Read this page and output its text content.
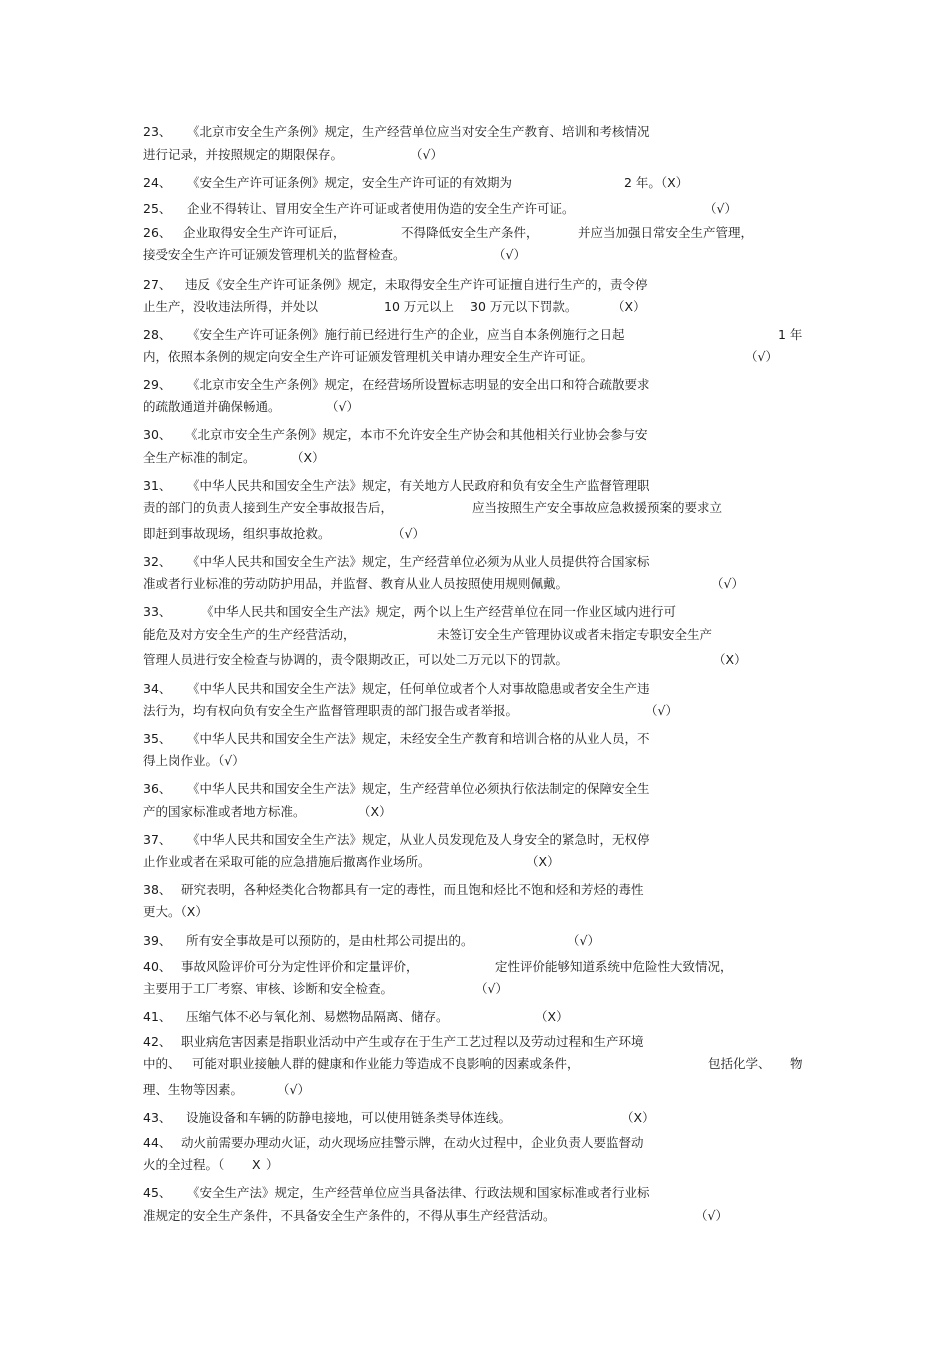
23、 《北京市安全生产条例》规定，生产经营单位应当对安全生产教育、培训和考核情况
进行记录，并按照规定的期限保存。	（√）
24、 《安全生产许可证条例》规定，安全生产许可证的有效期为	2 年。（X）
25、 企业不得转让、冒用安全生产许可证或者使用伪造的安全生产许可证。	（√）
26、 企业取得安全生产许可证后，	不得降低安全生产条件，	并应当加强日常安全生产管理，
接受安全生产许可证颁发管理机关的监督检查。	（√）
27、 违反《安全生产许可证条例》规定，未取得安全生产许可证擅自进行生产的，责令停
止生产，没收违法所得，并处以	10 万元以上 30 万元以下罚款。	（X）
28、 《安全生产许可证条例》施行前已经进行生产的企业，应当自本条例施行之日起	1 年
内，依照本条例的规定向安全生产许可证颁发管理机关申请办理安全生产许可证。	（√）
29、 《北京市安全生产条例》规定，在经营场所设置标志明显的安全出口和符合疏散要求
的疏散通道并确保畅通。	（√）
30、 《北京市安全生产条例》规定，本市不允许安全生产协会和其他相关行业协会参与安
全生产标准的制定。	（X）
31、 《中华人民共和国安全生产法》规定，有关地方人民政府和负有安全生产监督管理职
责的部门的负责人接到生产安全事故报告后，	应当按照生产安全事故应急救援预案的要求立
即赶到事故现场，组织事故抢救。	（√）
32、 《中华人民共和国安全生产法》规定，生产经营单位必须为从业人员提供符合国家标
准或者行业标准的劳动防护用品，并监督、教育从业人员按照使用规则佩戴。	（√）
33、 《中华人民共和国安全生产法》规定，两个以上生产经营单位在同一作业区域内进行可
能危及对方安全生产的生产经营活动，	未签订安全生产管理协议或者未指定专职安全生产
管理人员进行安全检查与协调的，责令限期改正，可以处二万元以下的罚款。	（X）
34、 《中华人民共和国安全生产法》规定，任何单位或者个人对事故隐患或者安全生产违
法行为，均有权向负有安全生产监督管理职责的部门报告或者举报。	（√）
35、 《中华人民共和国安全生产法》规定，未经安全生产教育和培训合格的从业人员，不
得上岗作业。（√）
36、 《中华人民共和国安全生产法》规定，生产经营单位必须执行依法制定的保障安全生
产的国家标准或者地方标准。	（X）
37、 《中华人民共和国安全生产法》规定，从业人员发现危及人身安全的紧急时，无权停
止作业或者在采取可能的应急措施后撤离作业场所。	（X）
38、 研究表明，各种烃类化合物都具有一定的毒性，而且饱和烃比不饱和烃和芳烃的毒性
更大。（X）
39、 所有安全事故是可以预防的，是由杜邦公司提出的。	（√）
40、 事故风险评价可分为定性评价和定量评价，	定性评价能够知道系统中危险性大致情况，
主要用于工厂考察、审核、诊断和安全检查。	（√）
41、 压缩气体不必与氧化剂、易燃物品隔离、储存。	（X）
42、 职业病危害因素是指职业活动中产生或存在于生产工艺过程以及劳动过程和生产环境
中的、 可能对职业接触人群的健康和作业能力等造成不良影响的因素或条件，	包括化学、 物
理、生物等因素。	（√）
43、 设施设备和车辆的防静电接地，可以使用链条类导体连线。	（X）
44、 动火前需要办理动火证，动火现场应挂警示牌，在动火过程中，企业负责人要监督动
火的全过程。（ X ）
45、 《安全生产法》规定，生产经营单位应当具备法律、行政法规和国家标准或者行业标
准规定的安全生产条件，不具备安全生产条件的，不得从事生产经营活动。	（√）
